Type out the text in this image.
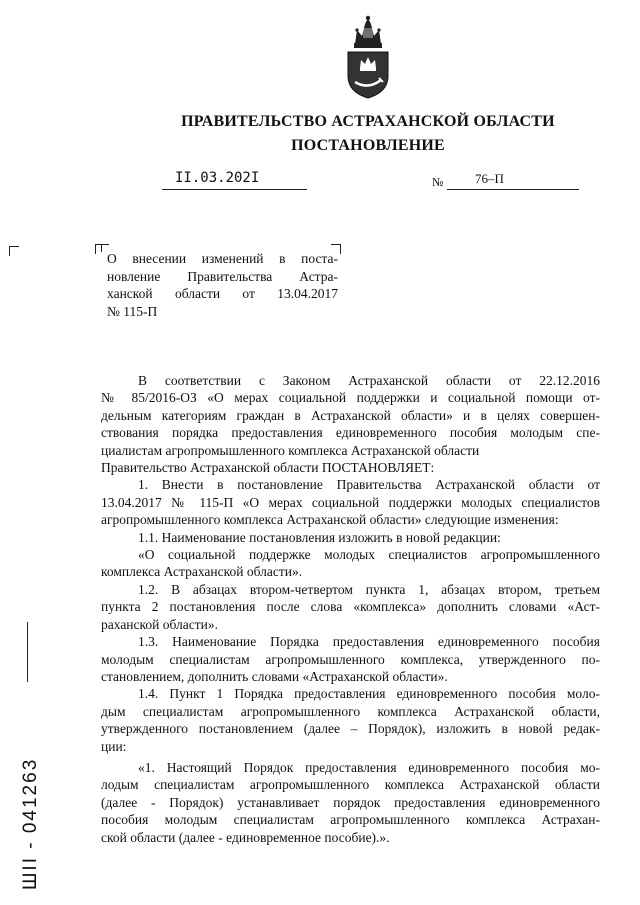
ПРАВИТЕЛЬСТВО АСТРАХАНСКОЙ ОБЛАСТИ
ПОСТАНОВЛЕНИЕ
II.03.202I	№ 76–П
О внесении изменений в поста-
новление Правительства Астра-
ханской области от 13.04.2017
№ 115-П
В соответствии с Законом Астраханской области от 22.12.2016
№ 85/2016-ОЗ «О мерах социальной поддержки и социальной помощи от-
дельным категориям граждан в Астраханской области» и в целях совершен-
ствования порядка предоставления единовременного пособия молодым спе-
циалистам агропромышленного комплекса Астраханской области
Правительство Астраханской области ПОСТАНОВЛЯЕТ:
1. Внести в постановление Правительства Астраханской области от
13.04.2017 № 115-П «О мерах социальной поддержки молодых специалистов
агропромышленного комплекса Астраханской области» следующие изменения:
1.1. Наименование постановления изложить в новой редакции:
«О социальной поддержке молодых специалистов агропромышленного
комплекса Астраханской области».
1.2. В абзацах втором-четвертом пункта 1, абзацах втором, третьем
пункта 2 постановления после слова «комплекса» дополнить словами «Аст-
раханской области».
1.3. Наименование Порядка предоставления единовременного пособия
молодым специалистам агропромышленного комплекса, утвержденного по-
становлением, дополнить словами «Астраханской области».
1.4. Пункт 1 Порядка предоставления единовременного пособия моло-
дым специалистам агропромышленного комплекса Астраханской области,
утвержденного постановлением (далее – Порядок), изложить в новой редак-
ции:
«1. Настоящий Порядок предоставления единовременного пособия мо-
лодым специалистам агропромышленного комплекса Астраханской области
(далее - Порядок) устанавливает порядок предоставления единовременного
пособия молодым специалистам агропромышленного комплекса Астрахан-
ской области (далее - единовременное пособие).».
ШII - 041263
